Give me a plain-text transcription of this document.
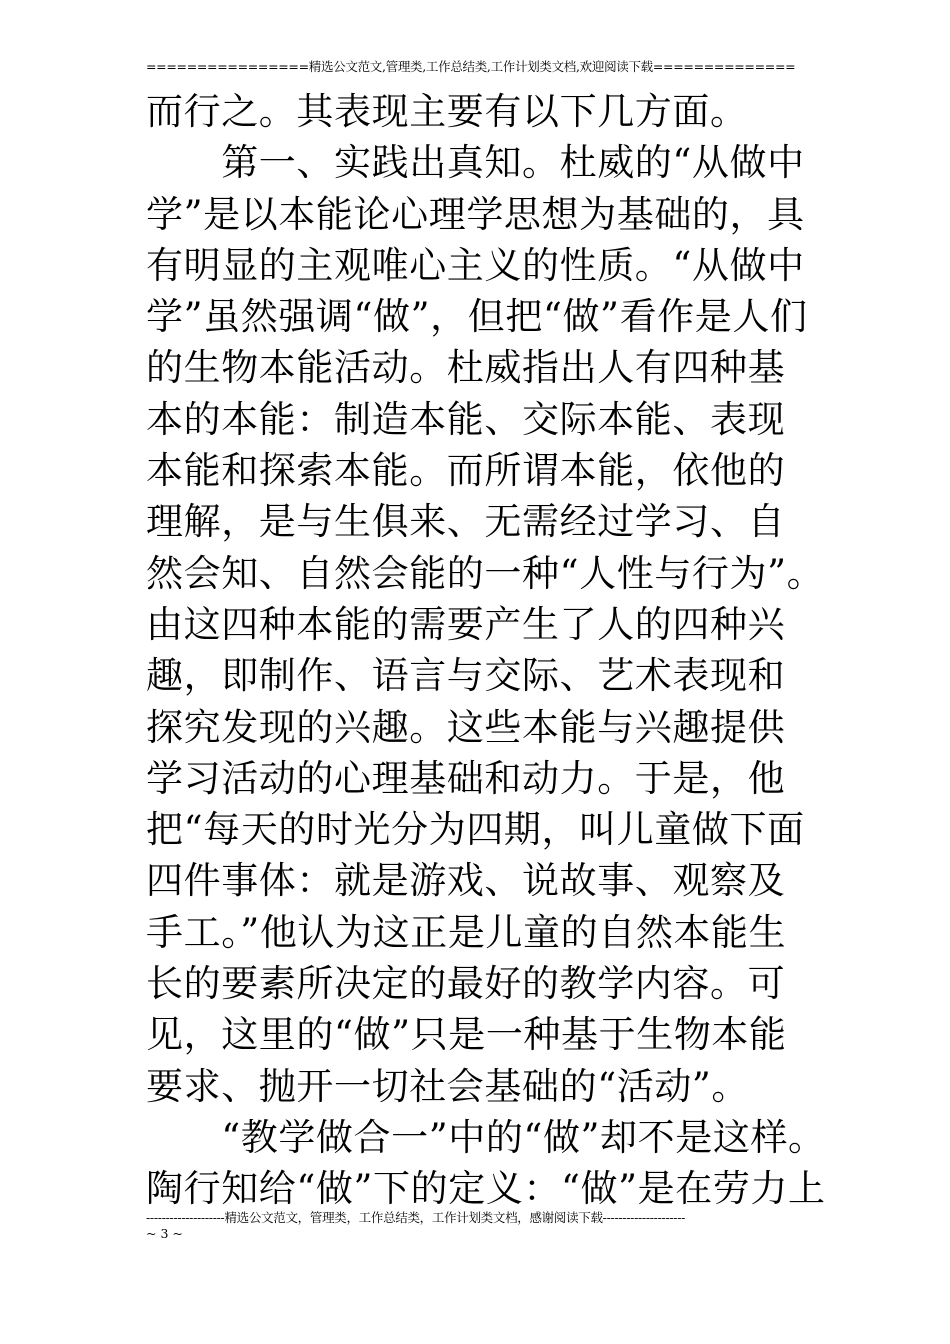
================精选公文范文,管理类,工作总结类,工作计划类文档,欢迎阅读下载==============
而行之。其表现主要有以下几方面。
　　第一、实践出真知。杜威的“从做中
学”是以本能论心理学思想为基础的，具
有明显的主观唯心主义的性质。“从做中
学”虽然强调“做”，但把“做”看作是人们
的生物本能活动。杜威指出人有四种基
本的本能：制造本能、交际本能、表现
本能和探索本能。而所谓本能，依他的
理解，是与生俱来、无需经过学习、自
然会知、自然会能的一种“人性与行为”。
由这四种本能的需要产生了人的四种兴
趣，即制作、语言与交际、艺术表现和
探究发现的兴趣。这些本能与兴趣提供
学习活动的心理基础和动力。于是，他
把“每天的时光分为四期，叫儿童做下面
四件事体：就是游戏、说故事、观察及
手工。”他认为这正是儿童的自然本能生
长的要素所决定的最好的教学内容。可
见，这里的“做”只是一种基于生物本能
要求、抛开一切社会基础的“活动”。
　　“教学做合一”中的“做”却不是这样。
陶行知给“做”下的定义：“做”是在劳力上
--------------------精选公文范文，管理类，工作总结类，工作计划类文档，感谢阅读下载---------------------
~ 3 ~
